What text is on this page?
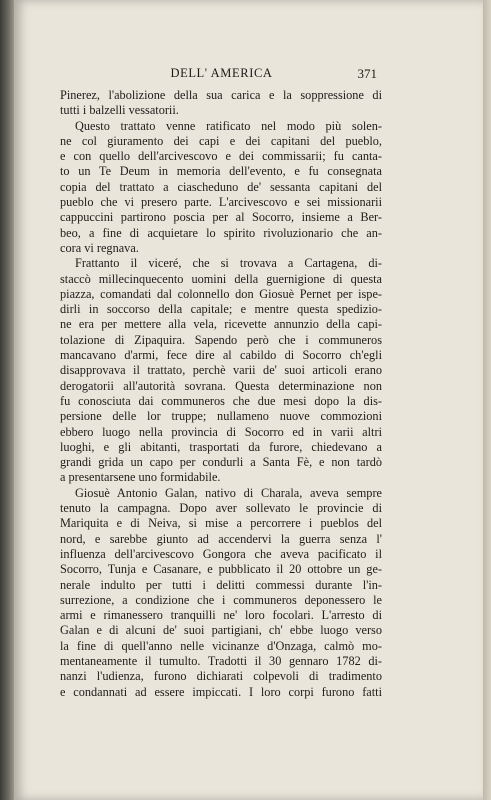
DELL' AMERICA	371
Pinerez, l'abolizione della sua carica e la soppressione di
tutti i balzelli vessatorii.
Questo trattato venne ratificato nel modo più solen-
ne col giuramento dei capi e dei capitani del pueblo,
e con quello dell'arcivescovo e dei commissarii; fu canta-
to un Te Deum in memoria dell'evento, e fu consegnata
copia del trattato a ciascheduno de' sessanta capitani del
pueblo che vi presero parte. L'arcivescovo e sei missionarii
cappuccini partirono poscia per al Socorro, insieme a Ber-
beo, a fine di acquietare lo spirito rivoluzionario che an-
cora vi regnava.
Frattanto il viceré, che si trovava a Cartagena, di-
staccò millecinquecento uomini della guernigione di questa
piazza, comandati dal colonnello don Giosuè Pernet per ispe-
dirli in soccorso della capitale; e mentre questa spedizio-
ne era per mettere alla vela, ricevette annunzio della capi-
tolazione di Zipaquira. Sapendo però che i communeros
mancavano d'armi, fece dire al cabildo di Socorro ch'egli
disapprovava il trattato, perchè varii de' suoi articoli erano
derogatorii all'autorità sovrana. Questa determinazione non
fu conosciuta dai communeros che due mesi dopo la dis-
persione delle lor truppe; nullameno nuove commozioni
ebbero luogo nella provincia di Socorro ed in varii altri
luoghi, e gli abitanti, trasportati da furore, chiedevano a
grandi grida un capo per condurli a Santa Fè, e non tardò
a presentarsene uno formidabile.
Giosuè Antonio Galan, nativo di Charala, aveva sempre
tenuto la campagna. Dopo aver sollevato le provincie di
Mariquita e di Neiva, si mise a percorrere i pueblos del
nord, e sarebbe giunto ad accendervi la guerra senza l'
influenza dell'arcivescovo Gongora che aveva pacificato il
Socorro, Tunja e Casanare, e pubblicato il 20 ottobre un ge-
nerale indulto per tutti i delitti commessi durante l'in-
surrezione, a condizione che i communeros deponessero le
armi e rimanessero tranquilli ne' loro focolari. L'arresto di
Galan e di alcuni de' suoi partigiani, ch' ebbe luogo verso
la fine di quell'anno nelle vicinanze d'Onzaga, calmò mo-
mentaneamente il tumulto. Tradotti il 30 gennaro 1782 di-
nanzi l'udienza, furono dichiarati colpevoli di tradimento
e condannati ad essere impiccati. I loro corpi furono fatti
